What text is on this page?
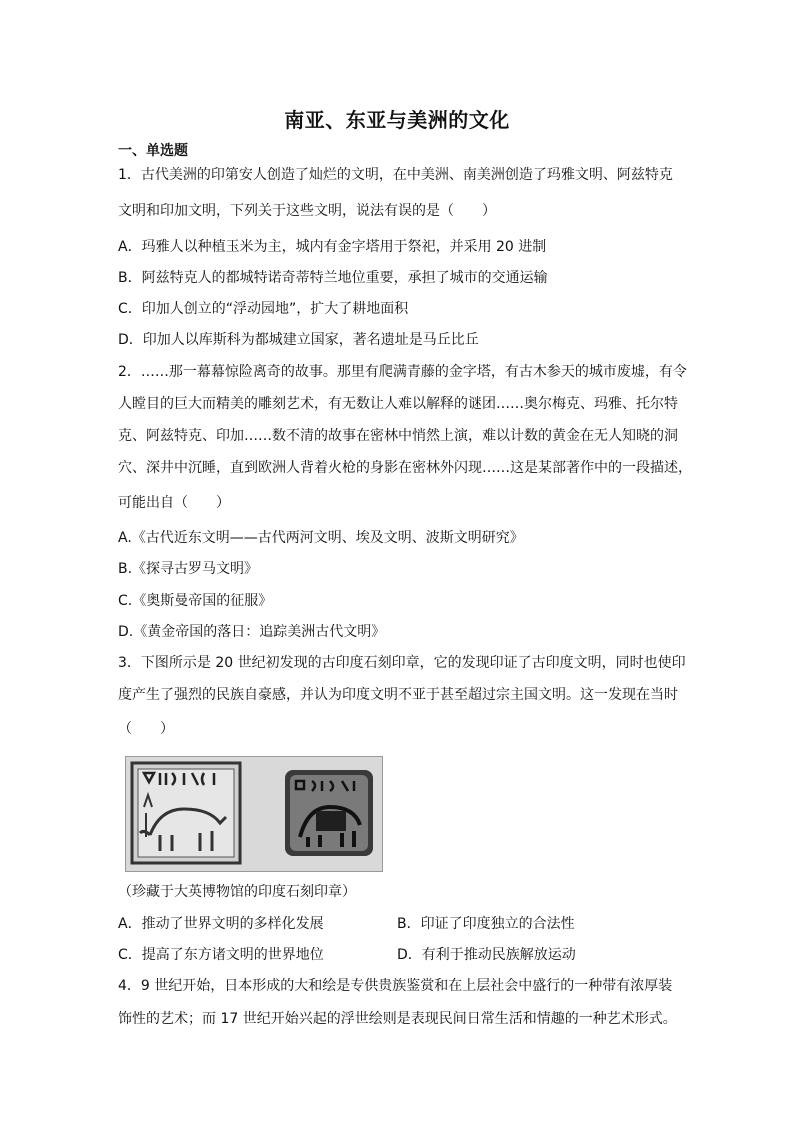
南亚、东亚与美洲的文化
一、单选题
1．古代美洲的印第安人创造了灿烂的文明，在中美洲、南美洲创造了玛雅文明、阿兹特克
文明和印加文明，下列关于这些文明，说法有误的是（　　）
A．玛雅人以种植玉米为主，城内有金字塔用于祭祀，并采用 20 进制
B．阿兹特克人的都城特诺奇蒂特兰地位重要，承担了城市的交通运输
C．印加人创立的“浮动园地”，扩大了耕地面积
D．印加人以库斯科为都城建立国家，著名遗址是马丘比丘
2．……那一幕幕惊险离奇的故事。那里有爬满青藤的金字塔，有古木参天的城市废墟，有令
人瞠目的巨大而精美的雕刻艺术，有无数让人难以解释的谜团……奥尔梅克、玛雅、托尔特
克、阿兹特克、印加……数不清的故事在密林中悄然上演，难以计数的黄金在无人知晓的洞
穴、深井中沉睡，直到欧洲人背着火枪的身影在密林外闪现……这是某部著作中的一段描述，
可能出自（　　）
A.《古代近东文明——古代两河文明、埃及文明、波斯文明研究》
B.《探寻古罗马文明》
C.《奥斯曼帝国的征服》
D.《黄金帝国的落日：追踪美洲古代文明》
3．下图所示是 20 世纪初发现的古印度石刻印章，它的发现印证了古印度文明，同时也使印
度产生了强烈的民族自豪感，并认为印度文明不亚于甚至超过宗主国文明。这一发现在当时
（　　）
（珍藏于大英博物馆的印度石刻印章）
A．推动了世界文明的多样化发展	B．印证了印度独立的合法性
C．提高了东方诸文明的世界地位	D．有利于推动民族解放运动
4．9 世纪开始，日本形成的大和绘是专供贵族鉴赏和在上层社会中盛行的一种带有浓厚装
饰性的艺术；而 17 世纪开始兴起的浮世绘则是表现民间日常生活和情趣的一种艺术形式。
